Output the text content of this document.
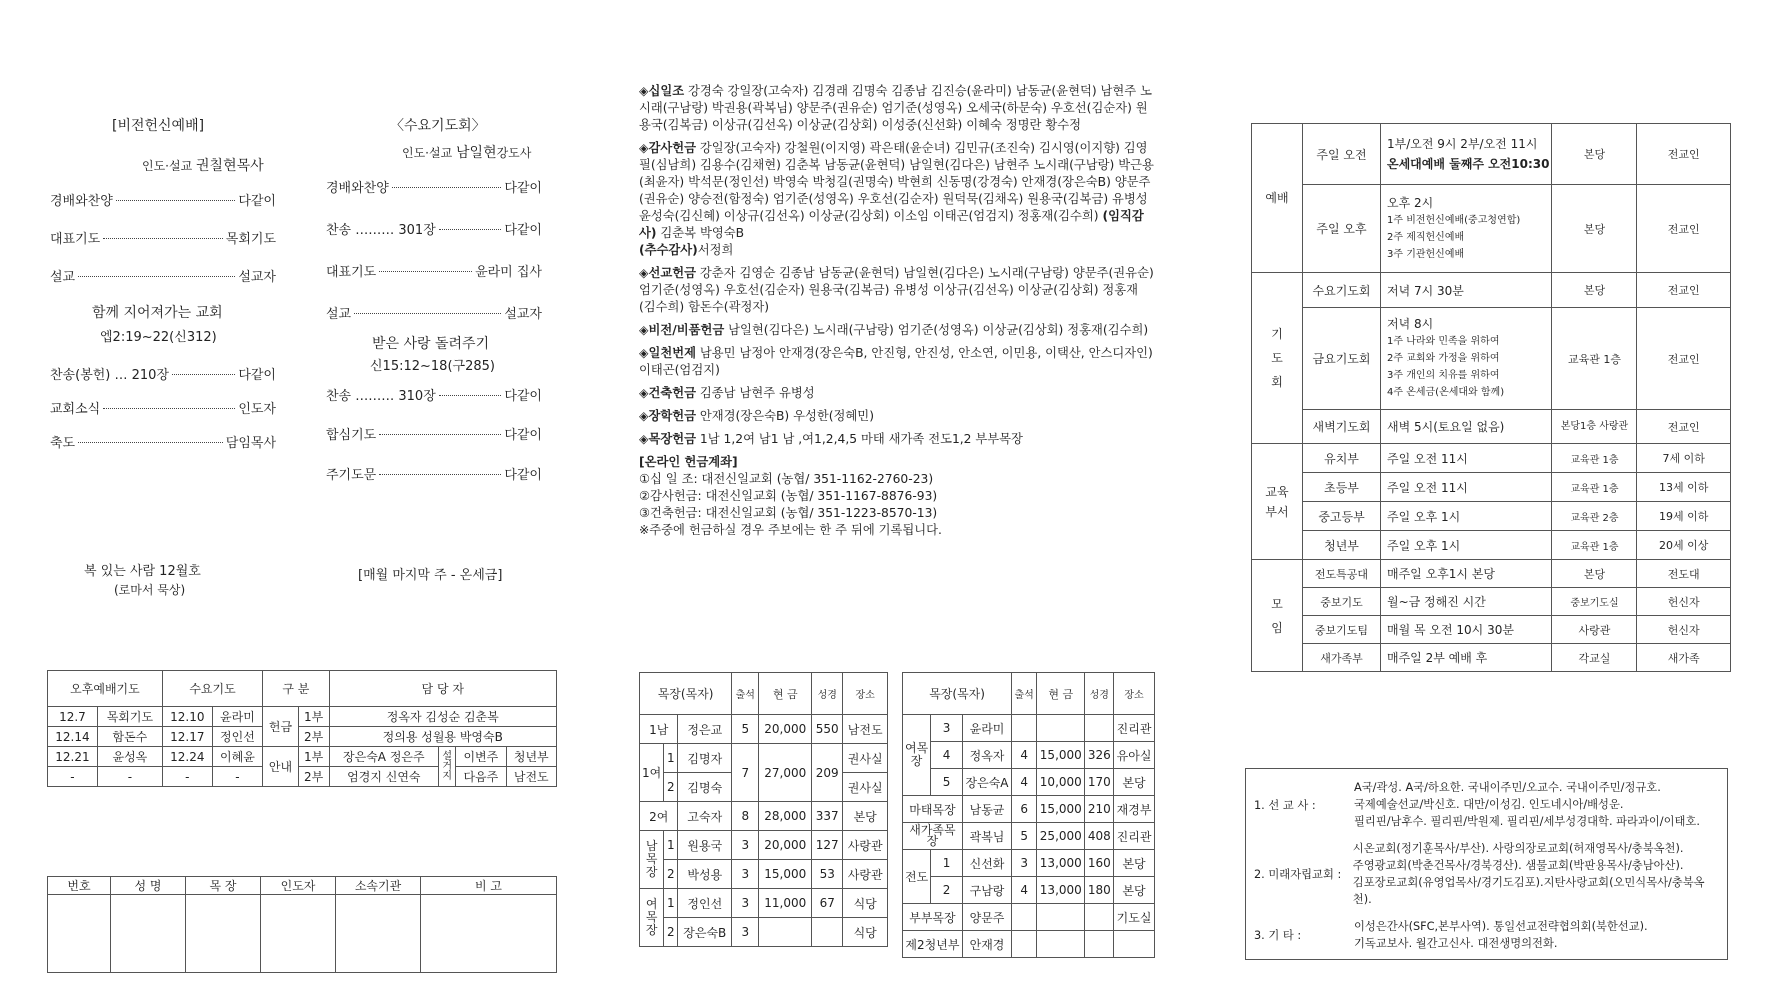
[비전헌신예배]
인도·설교 권칠현목사
경배와찬양	다같이
대표기도	목회기도
설교	설교자
함께 지어져가는 교회
엡2:19~22(신312)
찬송(봉헌) … 210장	다같이
교회소식	인도자
축도	담임목사
복 있는 사람 12월호
(로마서 묵상)
〈수요기도회〉
인도·설교 남일현강도사
경배와찬양	다같이
찬송 ……… 301장	다같이
대표기도	윤라미 집사
설교	설교자
받은 사랑 돌려주기
신15:12~18(구285)
찬송 ……… 310장	다같이
합심기도	다같이
주기도문	다같이
[매월 마지막 주 - 온세금]
오후예배기도		수요기도		구 분		담 당 자			
12.7	목회기도	12.10	윤라미	헌금	1부	정옥자 김성순 김춘복			
12.14	함돈수	12.17	정인선		2부	정의용 성월용 박영숙B			
12.21	윤성옥	12.24	이혜윤	안내	1부	장은숙A 정은주	설거지	이변주	청년부
-	-	-	-		2부	엄경지 신연숙		다음주	남전도
번호	성 명	목 장	인도자	소속기관	비 고

◈십일조 강경숙 강일장(고숙자) 김경래 김명숙 김종남 김진승(윤라미) 남동균(윤현덕) 남현주 노시래(구남랑) 박권용(곽복님) 양문주(권유순) 엄기준(성영옥) 오세국(하문숙) 우호선(김순자) 원용국(김복금) 이상규(김선옥) 이상균(김상회) 이성중(신선화) 이혜숙 정명란 황수정

◈감사헌금 강일장(고숙자) 강철원(이지영) 곽은태(윤순녀) 김민규(조진숙) 김시영(이지향) 김영필(심남희) 김용수(김채현) 김춘복 남동균(윤현덕) 남일현(김다은) 남현주 노시래(구남랑) 박근용(최윤자) 박석문(정인선) 박영숙 박청길(권명숙) 박현희 신동명(강경숙) 안재경(장은숙B) 양문주(권유순) 양승전(함정숙) 엄기준(성영옥) 우호선(김순자) 원덕묵(김채옥) 원용국(김복금) 유병성 윤성숙(김신혜) 이상규(김선옥) 이상균(김상회) 이소임 이태곤(엄검지) 정홍재(김수희) (임직감사) 김춘복 박영숙B
(추수감사)서정희

◈선교헌금 강춘자 김영순 김종남 남동균(윤현덕) 남일현(김다은) 노시래(구남랑) 양문주(권유순) 엄기준(성영옥) 우호선(김순자) 원용국(김복금) 유병성 이상규(김선옥) 이상균(김상회) 정홍재(김수희) 함돈수(곽정자)

◈비전/비품헌금 남일현(김다은) 노시래(구남랑) 엄기준(성영옥) 이상균(김상회) 정홍재(김수희)

◈일천번제 남용민 남정아 안재경(장은숙B, 안진형, 안진성, 안소연, 이민용, 이택산, 안스디자인) 이태곤(엄검지)

◈건축헌금 김종남 남현주 유병성

◈장학헌금 안재경(장은숙B) 우성한(정혜민)

◈목장헌금 1남 1,2여 남1 남 ,여1,2,4,5 마태 새가족 전도1,2 부부목장

[온라인 헌금계좌]

①십 일 조: 대전신일교회 (농협/ 351-1162-2760-23)

②감사헌금: 대전신일교회 (농협/ 351-1167-8876-93)

③건축헌금: 대전신일교회 (농협/ 351-1223-8570-13)

※주중에 헌금하실 경우 주보에는 한 주 뒤에 기록됩니다.

목장(목자)			출석	현 금	성경	장소
1남		정은교	5	20,000	550	남전도
1여	1	김명자	7	27,000	209	권사실
	2	김명숙				권사실
2여		고숙자	8	28,000	337	본당
남목장	1	원용국	3	20,000	127	사랑관
	2	박성용	3	15,000	53	사랑관
여목장	1	정인선	3	11,000	67	식당
	2	장은숙B	3			식당
목장(목자)			출석	현 금	성경	장소
여목장	3	윤라미				진리관
	4	정옥자	4	15,000	326	유아실
	5	장은숙A	4	10,000	170	본당
마태목장		남동균	6	15,000	210	재경부
새가족목장		곽복님	5	25,000	408	진리관
전도	1	신선화	3	13,000	160	본당
	2	구남랑	4	13,000	180	본당
부부목장		양문주				기도실
제2청년부		안재경				
예배	주일 오전	1부/오전 9시 2부/오전 11시
온세대예배 둘째주 오전10:30	본당	전교인
	주일 오후	오후 2시
1주 비전헌신예배(중고청연합)
2주 제직헌신예배
3주 기관헌신예배	본당	전교인
기도회	수요기도회	저녁 7시 30분	본당	전교인
	금요기도회	저녁 8시
1주 나라와 민족을 위하여
2주 교회와 가정을 위하여
3주 개인의 치유를 위하여
4주 온세금(온세대와 함께)	교육관 1층	전교인
	새벽기도회	새벽 5시(토요일 없음)	본당1층 사랑관	전교인
교육부서	유치부	주일 오전 11시	교육관 1층	7세 이하
	초등부	주일 오전 11시	교육관 1층	13세 이하
	중고등부	주일 오후 1시	교육관 2층	19세 이하
	청년부	주일 오후 1시	교육관 1층	20세 이상
모임	전도특공대	매주일 오후1시 본당	본당	전도대
	중보기도	월~금 정해진 시간	중보기도실	헌신자
	중보기도팀	매월 목 오전 10시 30분	사랑관	헌신자
	새가족부	매주일 2부 예배 후	각교실	새가족
1. 선 교 사 :
A국/곽성. A국/하요한. 국내이주민/오교수. 국내이주민/정규호.
국제예술선교/박신호. 대만/이성김. 인도네시아/배성운.
필리핀/남후수. 필리핀/박원제. 필리핀/세부성경대학. 파라과이/이태호.
2. 미래자립교회 :
시온교회(정기훈목사/부산). 사랑의장로교회(허재영목사/충북옥천).
주영광교회(박춘건목사/경북경산). 샘물교회(박판용목사/충남아산).
김포장로교회(유영업목사/경기도김포).지탄사랑교회(오민식목사/충북옥천).
3. 기 타 :
이성은간사(SFC,본부사역). 통일선교전략협의회(북한선교).
기독교보사. 월간고신사. 대전생명의전화.
